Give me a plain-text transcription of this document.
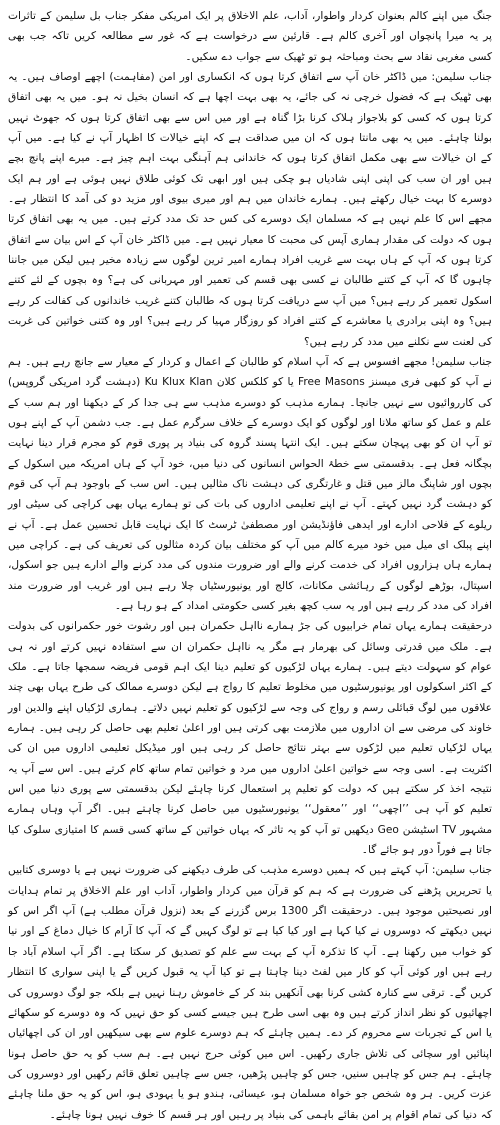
جنگ میں اپنے کالم بعنوان کردار واطوار، آداب، علم الاخلاق پر ایک امریکی مفکر جناب بل سلیمن کے تاثرات پر یہ میرا پانچواں اور آخری کالم ہے۔ قارئین سے درخواست ہے کہ غور سے مطالعہ کریں تاکہ جب بھی کسی مغربی نقاد سے بحث ومباحثہ ہو تو ٹھیک سے جواب دے سکیں۔

جناب سلیمن: میں ڈاکٹر خان آپ سے اتفاق کرتا ہوں کہ انکساری اور امن (مفاہمت) اچھے اوصاف ہیں۔ یہ بھی ٹھیک ہے کہ فضول خرچی نہ کی جائے، یہ بھی بہت اچھا ہے کہ انسان بخیل نہ ہو۔ میں یہ بھی اتفاق کرتا ہوں کہ کسی کو بلاجواز ہلاک کرنا بڑا گناہ ہے اور میں اس سے بھی اتفاق کرتا ہوں کہ جھوٹ نہیں بولنا چاہئے۔ میں یہ بھی مانتا ہوں کہ ان میں صداقت ہے کہ اپنے خیالات کا اظہار آپ نے کیا ہے۔ میں آپ کے ان خیالات سے بھی مکمل اتفاق کرتا ہوں کہ خاندانی ہم آہنگی بہت اہم چیز ہے۔ میرے اپنے پانچ بچے ہیں اور ان سب کی اپنی اپنی شادیاں ہو چکی ہیں اور ابھی تک کوئی طلاق نہیں ہوئی ہے اور ہم ایک دوسرے کا بہت خیال رکھتے ہیں۔ ہمارے خاندان میں ہم اور میری بیوی اور مزید دو کی آمد کا انتظار ہے۔ مجھے اس کا علم نہیں ہے کہ مسلمان ایک دوسرے کی کس حد تک مدد کرتے ہیں۔ میں یہ بھی اتفاق کرتا ہوں کہ دولت کی مقدار ہماری آپس کی محبت کا معیار نہیں ہے۔ میں ڈاکٹر خان آپ کے اس بیان سے اتفاق کرتا ہوں کہ آپ کے ہاں بہت سے غریب افراد ہمارے امیر ترین لوگوں سے زیادہ مخیر ہیں لیکن میں جاننا چاہوں گا کہ آپ کے کتنے طالبان نے کسی بھی قسم کی تعمیر اور مہربانی کی ہے؟ وہ بچوں کے لئے کتنے اسکول تعمیر کر رہے ہیں؟ میں آپ سے دریافت کرتا ہوں کہ طالبان کتنے غریب خاندانوں کی کفالت کر رہے ہیں؟ وہ اپنی برادری یا معاشرے کے کتنے افراد کو روزگار مہیا کر رہے ہیں؟ اور وہ کتنی خواتین کی غربت کی لعنت سے نکلنے میں مدد کر رہے ہیں؟

جناب سلیمن! مجھے افسوس ہے کہ آپ اسلام کو طالبان کے اعمال و کردار کے معیار سے جانچ رہے ہیں۔ ہم نے آپ کو کبھی فری میسنز Free Masons یا کو کلکس کلان Ku Klux Klan (دہشت گرد امریکی گروپس) کی کارروائیوں سے نہیں جانچا۔ ہمارے مذہب کو دوسرے مذہب سے ہی جدا کر کے دیکھنا اور ہم سب کے علم و عمل کو ساتھ ملانا اور لوگوں کو ایک دوسرے کے خلاف سرگرم عمل ہے۔ جب دشمن آپ کے اپنے ہوں تو آپ ان کو بھی پہچان سکتے ہیں۔ ایک انتہا پسند گروہ کی بنیاد پر پوری قوم کو مجرم قرار دینا نہایت بچگانہ فعل ہے۔ بدقسمتی سے خطۂ الحواس انسانوں کی دنیا میں، خود آپ کے ہاں امریکہ میں اسکول کے بچوں اور شاپنگ مالز میں قتل و غارتگری کی دہشت ناک مثالیں ہیں۔ اس سب کے باوجود ہم آپ کی قوم کو دہشت گرد نہیں کہتے۔ آپ نے اپنے تعلیمی اداروں کی بات کی تو ہمارے یہاں بھی کراچی کی سیٹی اور ریلوے کے فلاحی ادارے اور ایدھی فاؤنڈیشن اور مصطفیٰ ٹرسٹ کا ایک نہایت قابل تحسین عمل ہے۔ آپ نے اپنے پبلک ای میل میں خود میرے کالم میں آپ کو مختلف بیان کردہ مثالوں کی تعریف کی ہے۔ کراچی میں ہمارے ہاں ہزاروں افراد کی خدمت کرنے والے اور ضرورت مندوں کی مدد کرنے والے ادارے ہیں جو اسکول، اسپتال، بوڑھے لوگوں کے رہائشی مکانات، کالج اور یونیورسٹیاں چلا رہے ہیں اور غریب اور ضرورت مند افراد کی مدد کر رہے ہیں اور یہ سب کچھ بغیر کسی حکومتی امداد کے ہو رہا ہے۔

درحقیقت ہمارے یہاں تمام خرابیوں کی جڑ ہمارے نااہل حکمران ہیں اور رشوت خور حکمرانوں کی بدولت ہے۔ ملک میں قدرتی وسائل کی بھرمار ہے مگر یہ نااہل حکمران ان سے استفادہ نہیں کرتے اور نہ ہی عوام کو سہولت دیتے ہیں۔ ہمارے یہاں لڑکیوں کو تعلیم دینا ایک اہم قومی فریضہ سمجھا جاتا ہے۔ ملک کے اکثر اسکولوں اور یونیورسٹیوں میں مخلوط تعلیم کا رواج ہے لیکن دوسرے ممالک کی طرح یہاں بھی چند علاقوں میں لوگ قبائلی رسم و رواج کی وجہ سے لڑکیوں کو تعلیم نہیں دلاتے۔ ہماری لڑکیاں اپنے والدین اور خاوند کی مرضی سے ان اداروں میں ملازمت بھی کرتی ہیں اور اعلیٰ تعلیم بھی حاصل کر رہی ہیں۔ ہمارے یہاں لڑکیاں تعلیم میں لڑکوں سے بہتر نتائج حاصل کر رہی ہیں اور میڈیکل تعلیمی اداروں میں ان کی اکثریت ہے۔ اسی وجہ سے خواتین اعلیٰ اداروں میں مرد و خواتین تمام ساتھ کام کرتے ہیں۔ اس سے آپ یہ نتیجہ اخذ کر سکتے ہیں کہ دولت کو تعلیم پر استعمال کرنا چاہئے لیکن بدقسمتی سے پوری دنیا میں اس تعلیم کو آپ ہی ’’اچھی‘‘ اور ’’معقول‘‘ یونیورسٹیوں میں حاصل کرنا چاہتے ہیں۔ اگر آپ وہاں ہمارے مشہور TV اسٹیشن Geo دیکھیں تو آپ کو یہ تاثر کہ یہاں خواتین کے ساتھ کسی قسم کا امتیازی سلوک کیا جاتا ہے فوراً دور ہو جائے گا۔

جناب سلیمن: آپ کہتے ہیں کہ ہمیں دوسرے مذہب کی طرف دیکھنے کی ضرورت نہیں ہے یا دوسری کتابیں یا تحریریں پڑھنے کی ضرورت ہے کہ ہم کو قرآن میں کردار واطوار، آداب اور علم الاخلاق پر تمام ہدایات اور نصیحتیں موجود ہیں۔ درحقیقت اگر 1300 برس گزرنے کے بعد (نزول قرآن مطلب ہے) آپ اگر اس کو نہیں دیکھتے کہ دوسروں نے کیا کہا ہے اور کیا کیا ہے تو لوگ کہیں گے کہ آپ کا آرام کا خیال دماغ کے اور نیا کو خواب میں رکھنا ہے۔ آپ کا تذکرہ آپ کے بہت سے علم کو تصدیق کر سکتا ہے۔ اگر آپ اسلام آباد جا رہے ہیں اور کوئی آپ کو کار میں لفٹ دینا چاہتا ہے تو کیا آپ یہ قبول کریں گے یا اپنی سواری کا انتظار کریں گے۔ ترقی سے کنارہ کشی کرنا بھی آنکھیں بند کر کے خاموش رہنا نہیں ہے بلکہ جو لوگ دوسروں کی اچھائیوں کو نظر انداز کرتے ہیں وہ بھی اسی طرح ہیں جیسے کسی کو حق نہیں کہ وہ دوسرے کو سکھائے یا اس کے تجربات سے محروم کر دے۔ ہمیں چاہئے کہ ہم دوسرے علوم سے بھی سیکھیں اور ان کی اچھائیاں اپنائیں اور سچائی کی تلاش جاری رکھیں۔ اس میں کوئی حرج نہیں ہے۔ ہم سب کو یہ حق حاصل ہونا چاہئے۔ ہم جس کو چاہیں سنیں، جس کو چاہیں پڑھیں، جس سے چاہیں تعلق قائم رکھیں اور دوسروں کی عزت کریں۔ ہر وہ شخص جو خواہ مسلمان ہو، عیسائی، ہندو ہو یا یہودی ہو، اس کو یہ حق ملنا چاہئے کہ دنیا کی تمام اقوام پر امن بقائے باہمی کی بنیاد پر رہیں اور ہر قسم کا خوف نہیں ہونا چاہئے۔
